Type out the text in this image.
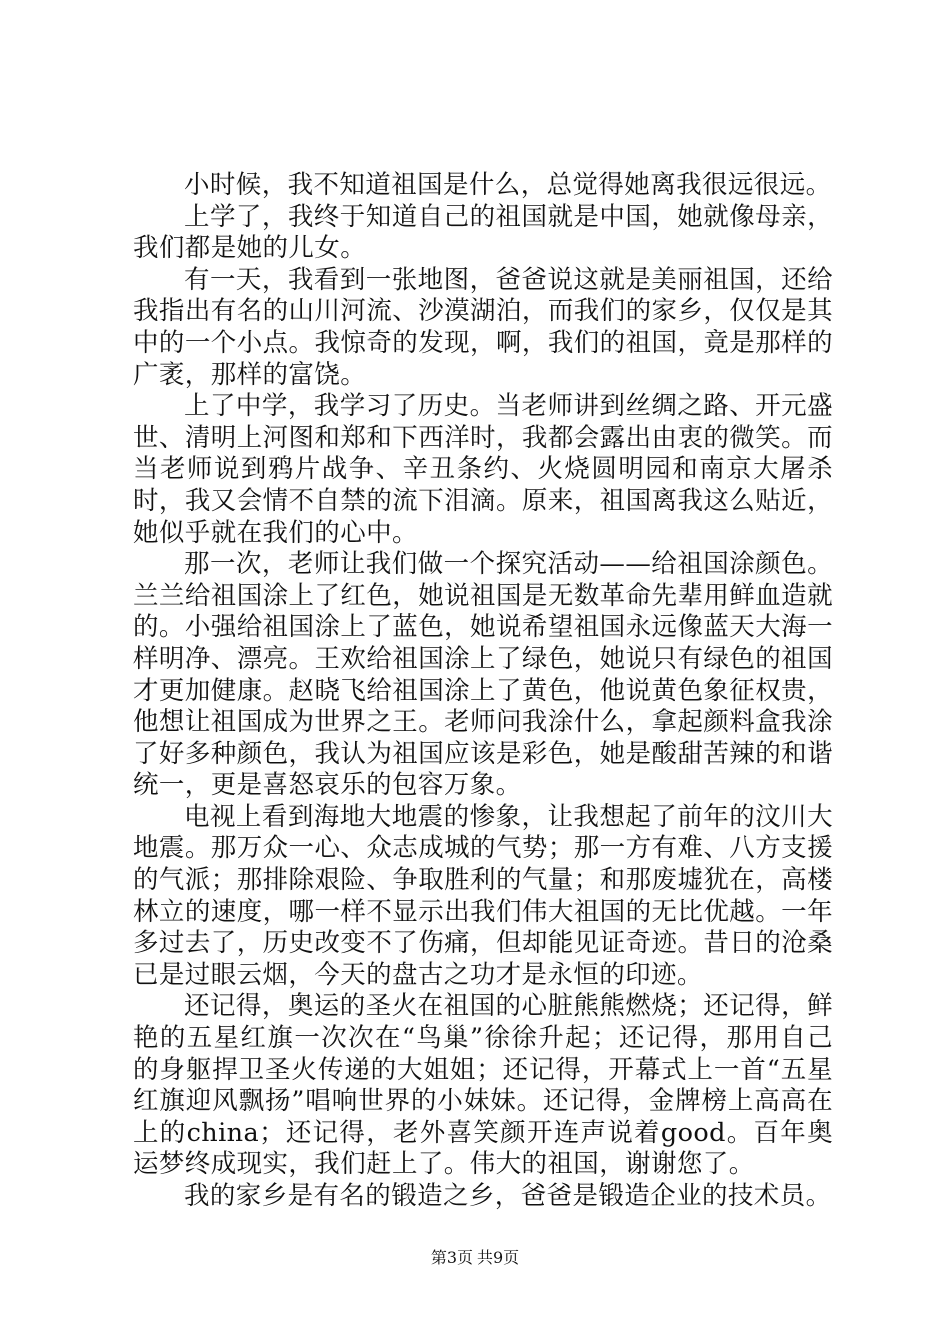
小时候，我不知道祖国是什么，总觉得她离我很远很远。

上学了，我终于知道自己的祖国就是中国，她就像母亲，我们都是她的儿女。

有一天，我看到一张地图，爸爸说这就是美丽祖国，还给我指出有名的山川河流、沙漠湖泊，而我们的家乡，仅仅是其中的一个小点。我惊奇的发现，啊，我们的祖国，竟是那样的广袤，那样的富饶。

上了中学，我学习了历史。当老师讲到丝绸之路、开元盛世、清明上河图和郑和下西洋时，我都会露出由衷的微笑。而当老师说到鸦片战争、辛丑条约、火烧圆明园和南京大屠杀时，我又会情不自禁的流下泪滴。原来，祖国离我这么贴近，她似乎就在我们的心中。

那一次，老师让我们做一个探究活动——给祖国涂颜色。兰兰给祖国涂上了红色，她说祖国是无数革命先辈用鲜血造就的。小强给祖国涂上了蓝色，她说希望祖国永远像蓝天大海一样明净、漂亮。王欢给祖国涂上了绿色，她说只有绿色的祖国才更加健康。赵晓飞给祖国涂上了黄色，他说黄色象征权贵，他想让祖国成为世界之王。老师问我涂什么，拿起颜料盒我涂了好多种颜色，我认为祖国应该是彩色，她是酸甜苦辣的和谐统一，更是喜怒哀乐的包容万象。

电视上看到海地大地震的惨象，让我想起了前年的汶川大地震。那万众一心、众志成城的气势；那一方有难、八方支援的气派；那排除艰险、争取胜利的气量；和那废墟犹在，高楼林立的速度，哪一样不显示出我们伟大祖国的无比优越。一年多过去了，历史改变不了伤痛，但却能见证奇迹。昔日的沧桑已是过眼云烟，今天的盘古之功才是永恒的印迹。

还记得，奥运的圣火在祖国的心脏熊熊燃烧；还记得，鲜艳的五星红旗一次次在“鸟巢”徐徐升起；还记得，那用自己的身躯捍卫圣火传递的大姐姐；还记得，开幕式上一首“五星红旗迎风飘扬”唱响世界的小妹妹。还记得，金牌榜上高高在上的china；还记得，老外喜笑颜开连声说着good。百年奥运梦终成现实，我们赶上了。伟大的祖国，谢谢您了。

我的家乡是有名的锻造之乡，爸爸是锻造企业的技术员。

第3页 共9页
